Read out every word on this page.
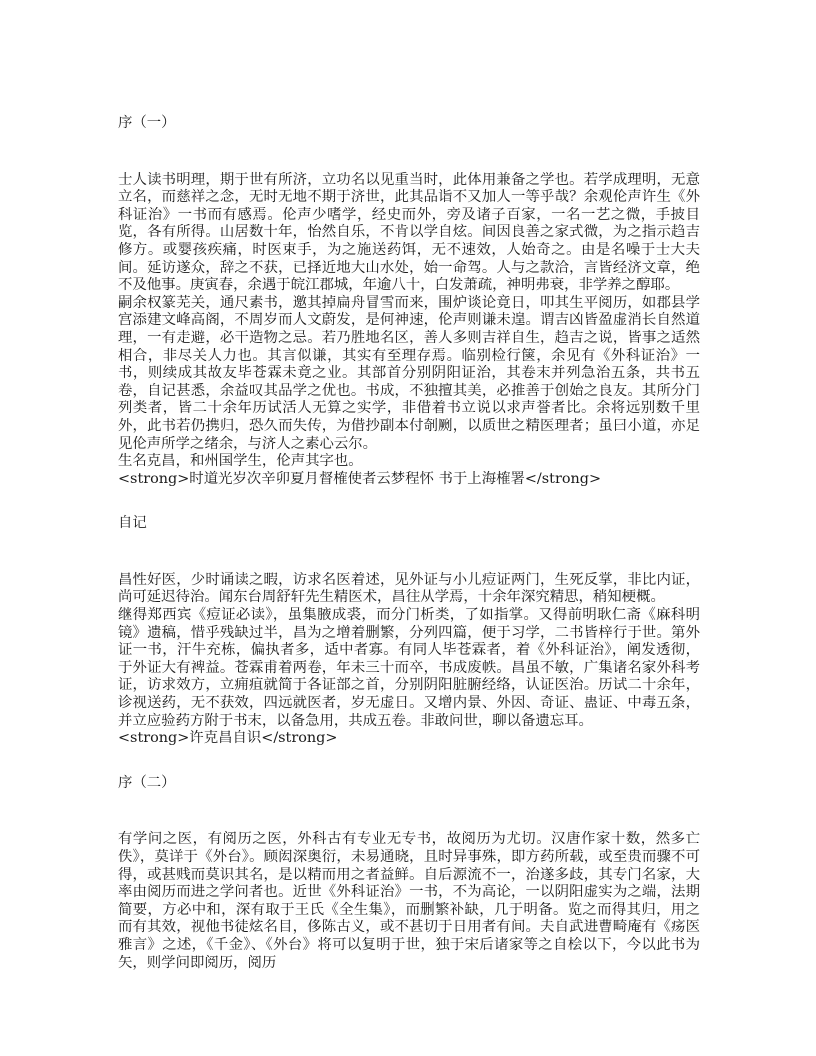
序（一）

士人读书明理，期于世有所济，立功名以见重当时，此体用兼备之学也。若学成理明，无意立名，而慈祥之念，无时无地不期于济世，此其品诣不又加人一等乎哉？余观伦声许生《外科证治》一书而有感焉。伦声少嗜学，经史而外，旁及诸子百家，一名一艺之微，手披目览，各有所得。山居数十年，怡然自乐，不肯以学自炫。间因良善之家式微，为之指示趋吉修方。或婴孩疾痛，时医束手，为之施送药饵，无不速效，人始奇之。由是名噪于士大夫间。延访遂众，辞之不获，已择近地大山水处，始一命驾。人与之款洽，言皆经济文章，绝不及他事。庚寅春，余遇于皖江郡城，年逾八十，白发萧疏，神明弗衰，非学养之醇耶。

嗣余权篆芜关，通尺素书，邀其掉扁舟冒雪而来，围炉谈论竟日，叩其生平阅历，如郡县学宫添建文峰高阁，不周岁而人文蔚发，是何神速，伦声则谦未遑。谓吉凶皆盈虚消长自然道理，一有走避，必干造物之忌。若乃胜地名区，善人多则吉祥自生，趋吉之说，皆事之适然相合，非尽关人力也。其言似谦，其实有至理存焉。临别检行箧，余见有《外科证治》一书，则续成其故友毕苍霖未竟之业。其部首分别阴阳证治，其卷末并列急治五条，共书五卷，自记甚悉，余益叹其品学之优也。书成，不独擅其美，必推善于创始之良友。其所分门列类者，皆二十余年历试活人无算之实学，非借着书立说以求声誉者比。余将远别数千里外，此书若仍携归，恐久而失传，为借抄副本付剞劂，以质世之精医理者；虽曰小道，亦足见伦声所学之绪余，与济人之素心云尔。

生名克昌，和州国学生，伦声其字也。

<strong>时道光岁次辛卯夏月督榷使者云梦程怀 书于上海榷署</strong>

自记

昌性好医，少时诵读之暇，访求名医着述，见外证与小儿痘证两门，生死反掌，非比内证，尚可延迟待治。闻东台周舒轩先生精医术，昌往从学焉，十余年深究精思，稍知梗概。

继得郑西宾《痘证必读》，虽集腋成裘，而分门析类，了如指掌。又得前明耿仁斋《麻科明镜》遗稿，惜乎残缺过半，昌为之增着删繁，分列四篇，便于习学，二书皆梓行于世。第外证一书，汗牛充栋，偏执者多，适中者寡。有同人毕苍霖者，着《外科证治》，阐发透彻，于外证大有裨益。苍霖甫着两卷，年未三十而卒，书成废帙。昌虽不敏，广集诸名家外科考证，访求效方，立痈疽就简于各证部之首，分别阴阳脏腑经络，认证医治。历试二十余年，诊视送药，无不获效，四远就医者，岁无虚日。又增内景、外因、奇证、蛊证、中毒五条，并立应验药方附于书末，以备急用，共成五卷。非敢问世，聊以备遗忘耳。

<strong>许克昌自识</strong>

序（二）

有学问之医，有阅历之医，外科古有专业无专书，故阅历为尤切。汉唐作家十数，然多亡佚》，莫详于《外台》。顾闳深奥衍，未易通晓，且时异事殊，即方药所载，或至贵而骤不可得，或甚贱而莫识其名，是以精而用之者益鲜。自后源流不一，治遂多歧，其专门名家，大率由阅历而进之学问者也。近世《外科证治》一书，不为高论，一以阴阳虚实为之端，法期简要，方必中和，深有取于王氏《全生集》，而删繁补缺，几于明备。览之而得其归，用之而有其效，视他书徒炫名目，侈陈古义，或不甚切于日用者有间。夫自武进曹畸庵有《疡医雅言》之述，《千金》、《外台》将可以复明于世，独于宋后诸家等之自桧以下，今以此书为矢，则学问即阅历，阅历
